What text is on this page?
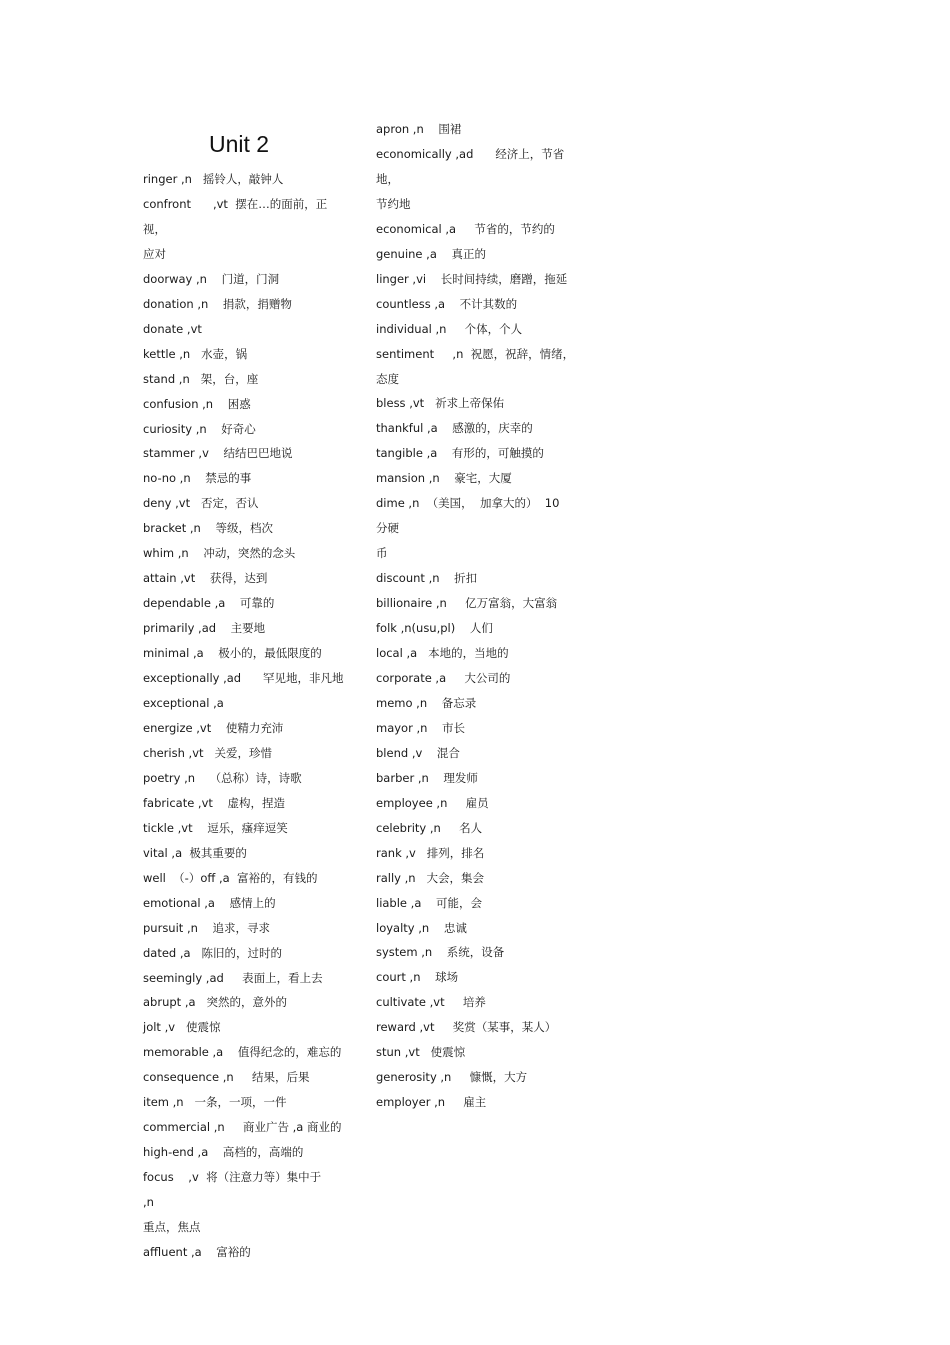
Unit 2
ringer ,n   摇铃人，敲钟人
confront      ,vt  摆在…的面前，正视，
应对
doorway ,n    门道，门洞
donation ,n    捐款，捐赠物
donate ,vt
kettle ,n   水壶，锅
stand ,n   架，台，座
confusion ,n    困惑
curiosity ,n    好奇心
stammer ,v    结结巴巴地说
no-no ,n    禁忌的事
deny ,vt   否定，否认
bracket ,n    等级，档次
whim ,n    冲动，突然的念头
attain ,vt    获得，达到
dependable ,a    可靠的
primarily ,ad    主要地
minimal ,a    极小的，最低限度的
exceptionally ,ad      罕见地，非凡地
exceptional ,a
energize ,vt    使精力充沛
cherish ,vt   关爱，珍惜
poetry ,n    （总称）诗，诗歌
fabricate ,vt    虚构，捏造
tickle ,vt    逗乐，瘙痒逗笑
vital ,a  极其重要的
well  （-）off ,a  富裕的，有钱的
emotional ,a    感情上的
pursuit ,n    追求，寻求
dated ,a   陈旧的，过时的
seemingly ,ad     表面上，看上去
abrupt ,a   突然的，意外的
jolt ,v   使震惊
memorable ,a    值得纪念的，难忘的
consequence ,n     结果，后果
item ,n   一条，一项，一件
commercial ,n     商业广告 ,a 商业的
high-end ,a    高档的，高端的
focus    ,v  将（注意力等）集中于     ,n
重点，焦点
affluent ,a    富裕的
apron ,n    围裙
economically ,ad      经济上，节省地，
节约地
economical ,a     节省的，节约的
genuine ,a    真正的
linger ,vi    长时间持续，磨蹭，拖延
countless ,a    不计其数的
individual ,n     个体，个人
sentiment     ,n  祝愿，祝辞，情绪，
态度
bless ,vt   祈求上帝保佑
thankful ,a    感激的，庆幸的
tangible ,a    有形的，可触摸的
mansion ,n    豪宅，大厦
dime ,n  （美国，  加拿大的）  10  分硬
币
discount ,n    折扣
billionaire ,n     亿万富翁，大富翁
folk ,n(usu,pl)    人们
local ,a   本地的，当地的
corporate ,a     大公司的
memo ,n    备忘录
mayor ,n    市长
blend ,v    混合
barber ,n    理发师
employee ,n     雇员
celebrity ,n     名人
rank ,v   排列，排名
rally ,n   大会，集会
liable ,a    可能，会
loyalty ,n    忠诚
system ,n    系统，设备
court ,n    球场
cultivate ,vt     培养
reward ,vt     奖赏（某事，某人）
stun ,vt   使震惊
generosity ,n     慷慨，大方
employer ,n     雇主
